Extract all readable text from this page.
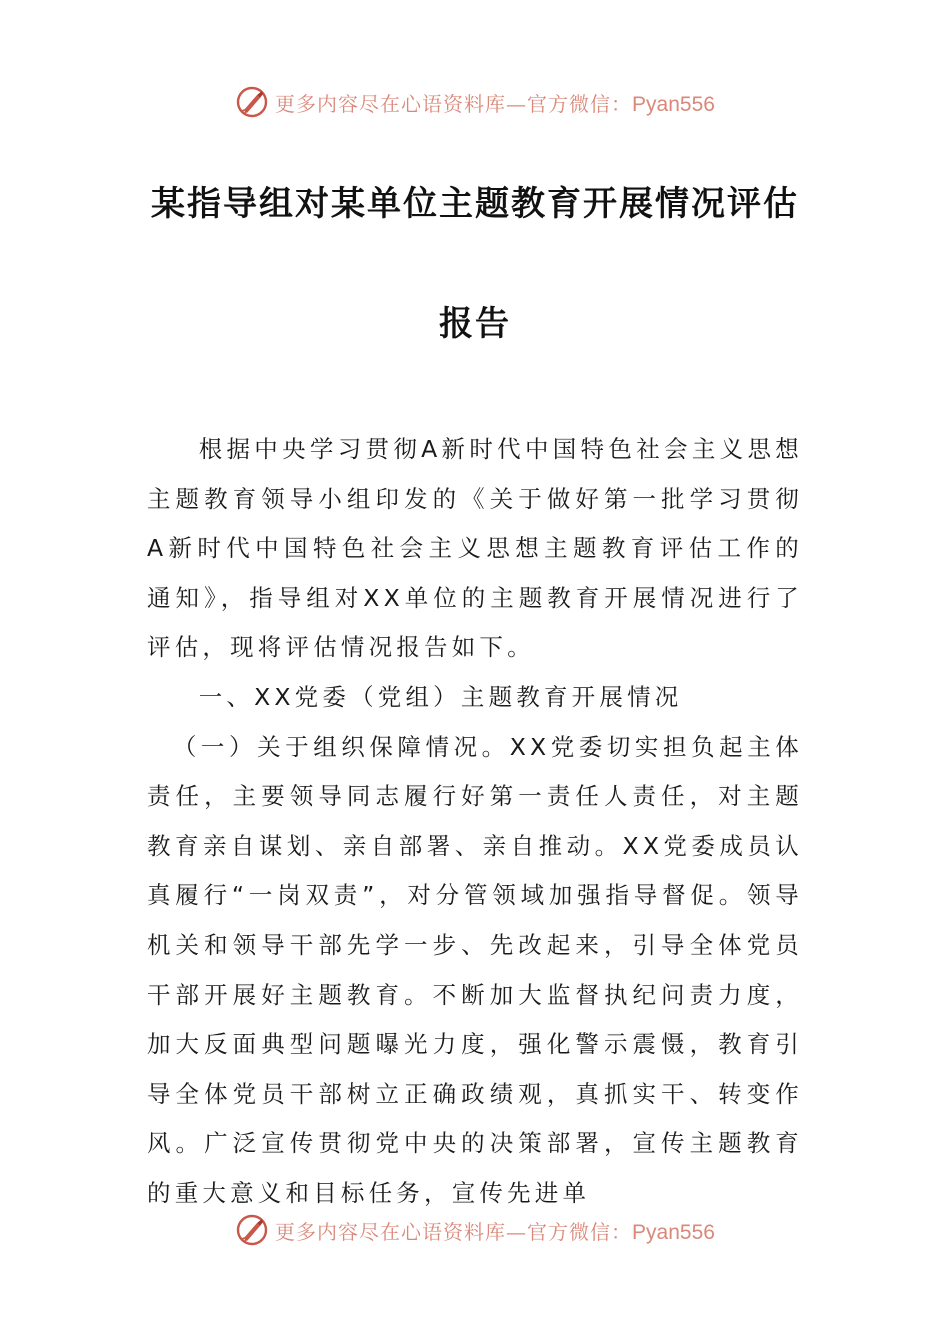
更多内容尽在心语资料库—官方微信：Pyan556
某指导组对某单位主题教育开展情况评估
报告

根据中央学习贯彻A新时代中国特色社会主义思想主题教育领导小组印发的《关于做好第一批学习贯彻A新时代中国特色社会主义思想主题教育评估工作的通知》，指导组对XX单位的主题教育开展情况进行了评估，现将评估情况报告如下。

一、XX党委（党组）主题教育开展情况

（一）关于组织保障情况。XX党委切实担负起主体责任，主要领导同志履行好第一责任人责任，对主题教育亲自谋划、亲自部署、亲自推动。XX党委成员认真履行“一岗双责”，对分管领域加强指导督促。领导机关和领导干部先学一步、先改起来，引导全体党员干部开展好主题教育。不断加大监督执纪问责力度，加大反面典型问题曝光力度，强化警示震慑，教育引导全体党员干部树立正确政绩观，真抓实干、转变作风。广泛宣传贯彻党中央的决策部署，宣传主题教育的重大意义和目标任务，宣传先进单

更多内容尽在心语资料库—官方微信：Pyan556
